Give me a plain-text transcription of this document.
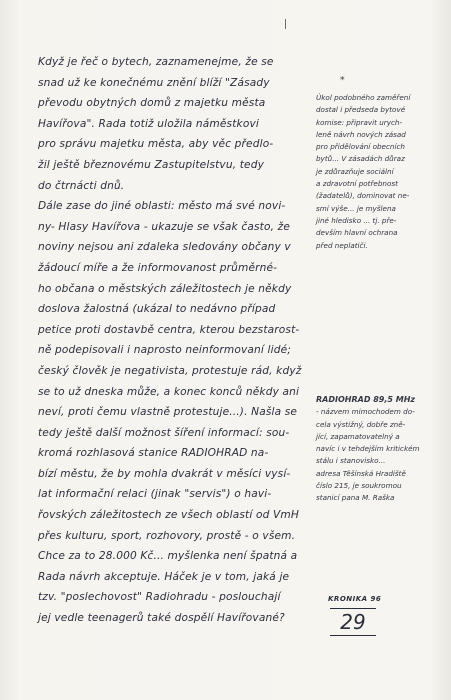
Když je řeč o bytech, zaznamenejme, že se
snad už ke konečnému znění blíží "Zásady
převodu obytných domů z majetku města
Havířova". Rada totiž uložila náměstkovi
pro správu majetku města, aby věc předlo-
žil ještě březnovému Zastupitelstvu, tedy
do čtrnácti dnů.
Dále zase do jiné oblasti: město má své novi-
ny- Hlasy Havířova - ukazuje se však často, že
noviny nejsou ani zdaleka sledovány občany v
žádoucí míře a že informovanost průměrné-
ho občana o městských záležitostech je někdy
doslova žalostná (ukázal to nedávno případ
petice proti dostavbě centra, kterou bezstarost-
ně podepisovali i naprosto neinformovaní lidé;
český člověk je negativista, protestuje rád, když
se to už dneska může, a konec konců někdy ani
neví, proti čemu vlastně protestuje...). Našla se
tedy ještě další možnost šíření informací: sou-
kromá rozhlasová stanice RADIOHRAD na-
bízí městu, že by mohla dvakrát v měsíci vysí-
lat informační relaci (jinak "servis") o havi-
řovských záležitostech ze všech oblastí od VmH
přes kulturu, sport, rozhovory, prostě - o všem.
Chce za to 28.000 Kč... myšlenka není špatná a
Rada návrh akceptuje. Háček je v tom, jaká je
tzv. "poslechovost" Radiohradu - poslouchají
jej vedle teenagerů také dospělí Havířované?
*
Úkol podobného zaměření
dostal i předseda bytové
komise: připravit urych-
leně návrh nových zásad
pro přidělování obecních
bytů... V zásadách důraz
je zdůrazňuje sociální
a zdravotní potřebnost
(žadatelů), dominovat ne-
smí výše... je myšlena
jiné hledisko ... tj. pře-
devším hlavní ochrana
před neplatiči.
RADIOHRAD 89,5 MHz
- názvem mimochodem do-
cela výstižný, dobře zně-
jící, zapamatovatelný a
navíc i v tehdejším kritickém
stálu i stanovisko...
adresa Těšínská Hradiště
číslo 215, je soukromou
stanicí pana M. Raška
KRONIKA 96
29
